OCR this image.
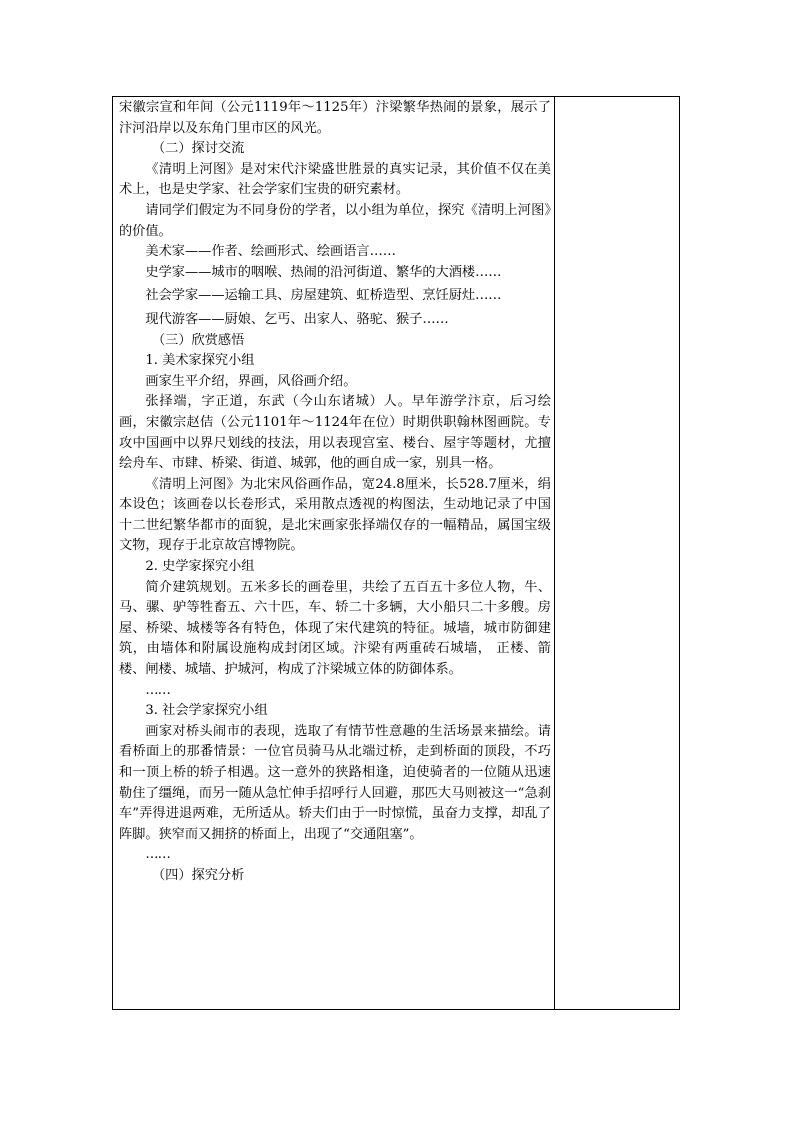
宋徽宗宣和年间（公元1119年～1125年）汴梁繁华热闹的景象，展示了汴河沿岸以及东角门里市区的风光。

（二）探讨交流

《清明上河图》是对宋代汴梁盛世胜景的真实记录，其价值不仅在美术上，也是史学家、社会学家们宝贵的研究素材。

请同学们假定为不同身份的学者，以小组为单位，探究《清明上河图》的价值。

美术家——作者、绘画形式、绘画语言……

史学家——城市的咽喉、热闹的沿河街道、繁华的大酒楼……

社会学家——运输工具、房屋建筑、虹桥造型、烹饪厨灶……

现代游客——厨娘、乞丐、出家人、骆驼、猴子……

（三）欣赏感悟

1. 美术家探究小组

画家生平介绍，界画，风俗画介绍。

张择端，字正道，东武（今山东诸城）人。早年游学汴京，后习绘画，宋徽宗赵佶（公元1101年～1124年在位）时期供职翰林图画院。专攻中国画中以界尺划线的技法，用以表现宫室、楼台、屋宇等题材，尤擅绘舟车、市肆、桥梁、街道、城郭，他的画自成一家，别具一格。

《清明上河图》为北宋风俗画作品，宽24.8厘米，长528.7厘米，绢本设色；该画卷以长卷形式，采用散点透视的构图法，生动地记录了中国十二世纪繁华都市的面貌，是北宋画家张择端仅存的一幅精品，属国宝级文物，现存于北京故宫博物院。

2. 史学家探究小组

简介建筑规划。五米多长的画卷里，共绘了五百五十多位人物，牛、马、骡、驴等牲畜五、六十匹，车、轿二十多辆，大小船只二十多艘。房屋、桥梁、城楼等各有特色，体现了宋代建筑的特征。城墙，城市防御建筑，由墙体和附属设施构成封闭区域。汴梁有两重砖石城墙， 正楼、箭楼、闸楼、城墙、护城河，构成了汴梁城立体的防御体系。

……

3. 社会学家探究小组

画家对桥头闹市的表现，选取了有情节性意趣的生活场景来描绘。请看桥面上的那番情景：一位官员骑马从北端过桥，走到桥面的顶段，不巧和一顶上桥的轿子相遇。这一意外的狭路相逢，迫使骑者的一位随从迅速勒住了缰绳，而另一随从急忙伸手招呼行人回避，那匹大马则被这一“急刹车”弄得进退两难，无所适从。轿夫们由于一时惊慌，虽奋力支撑，却乱了阵脚。狭窄而又拥挤的桥面上，出现了“交通阻塞”。

……

（四）探究分析
